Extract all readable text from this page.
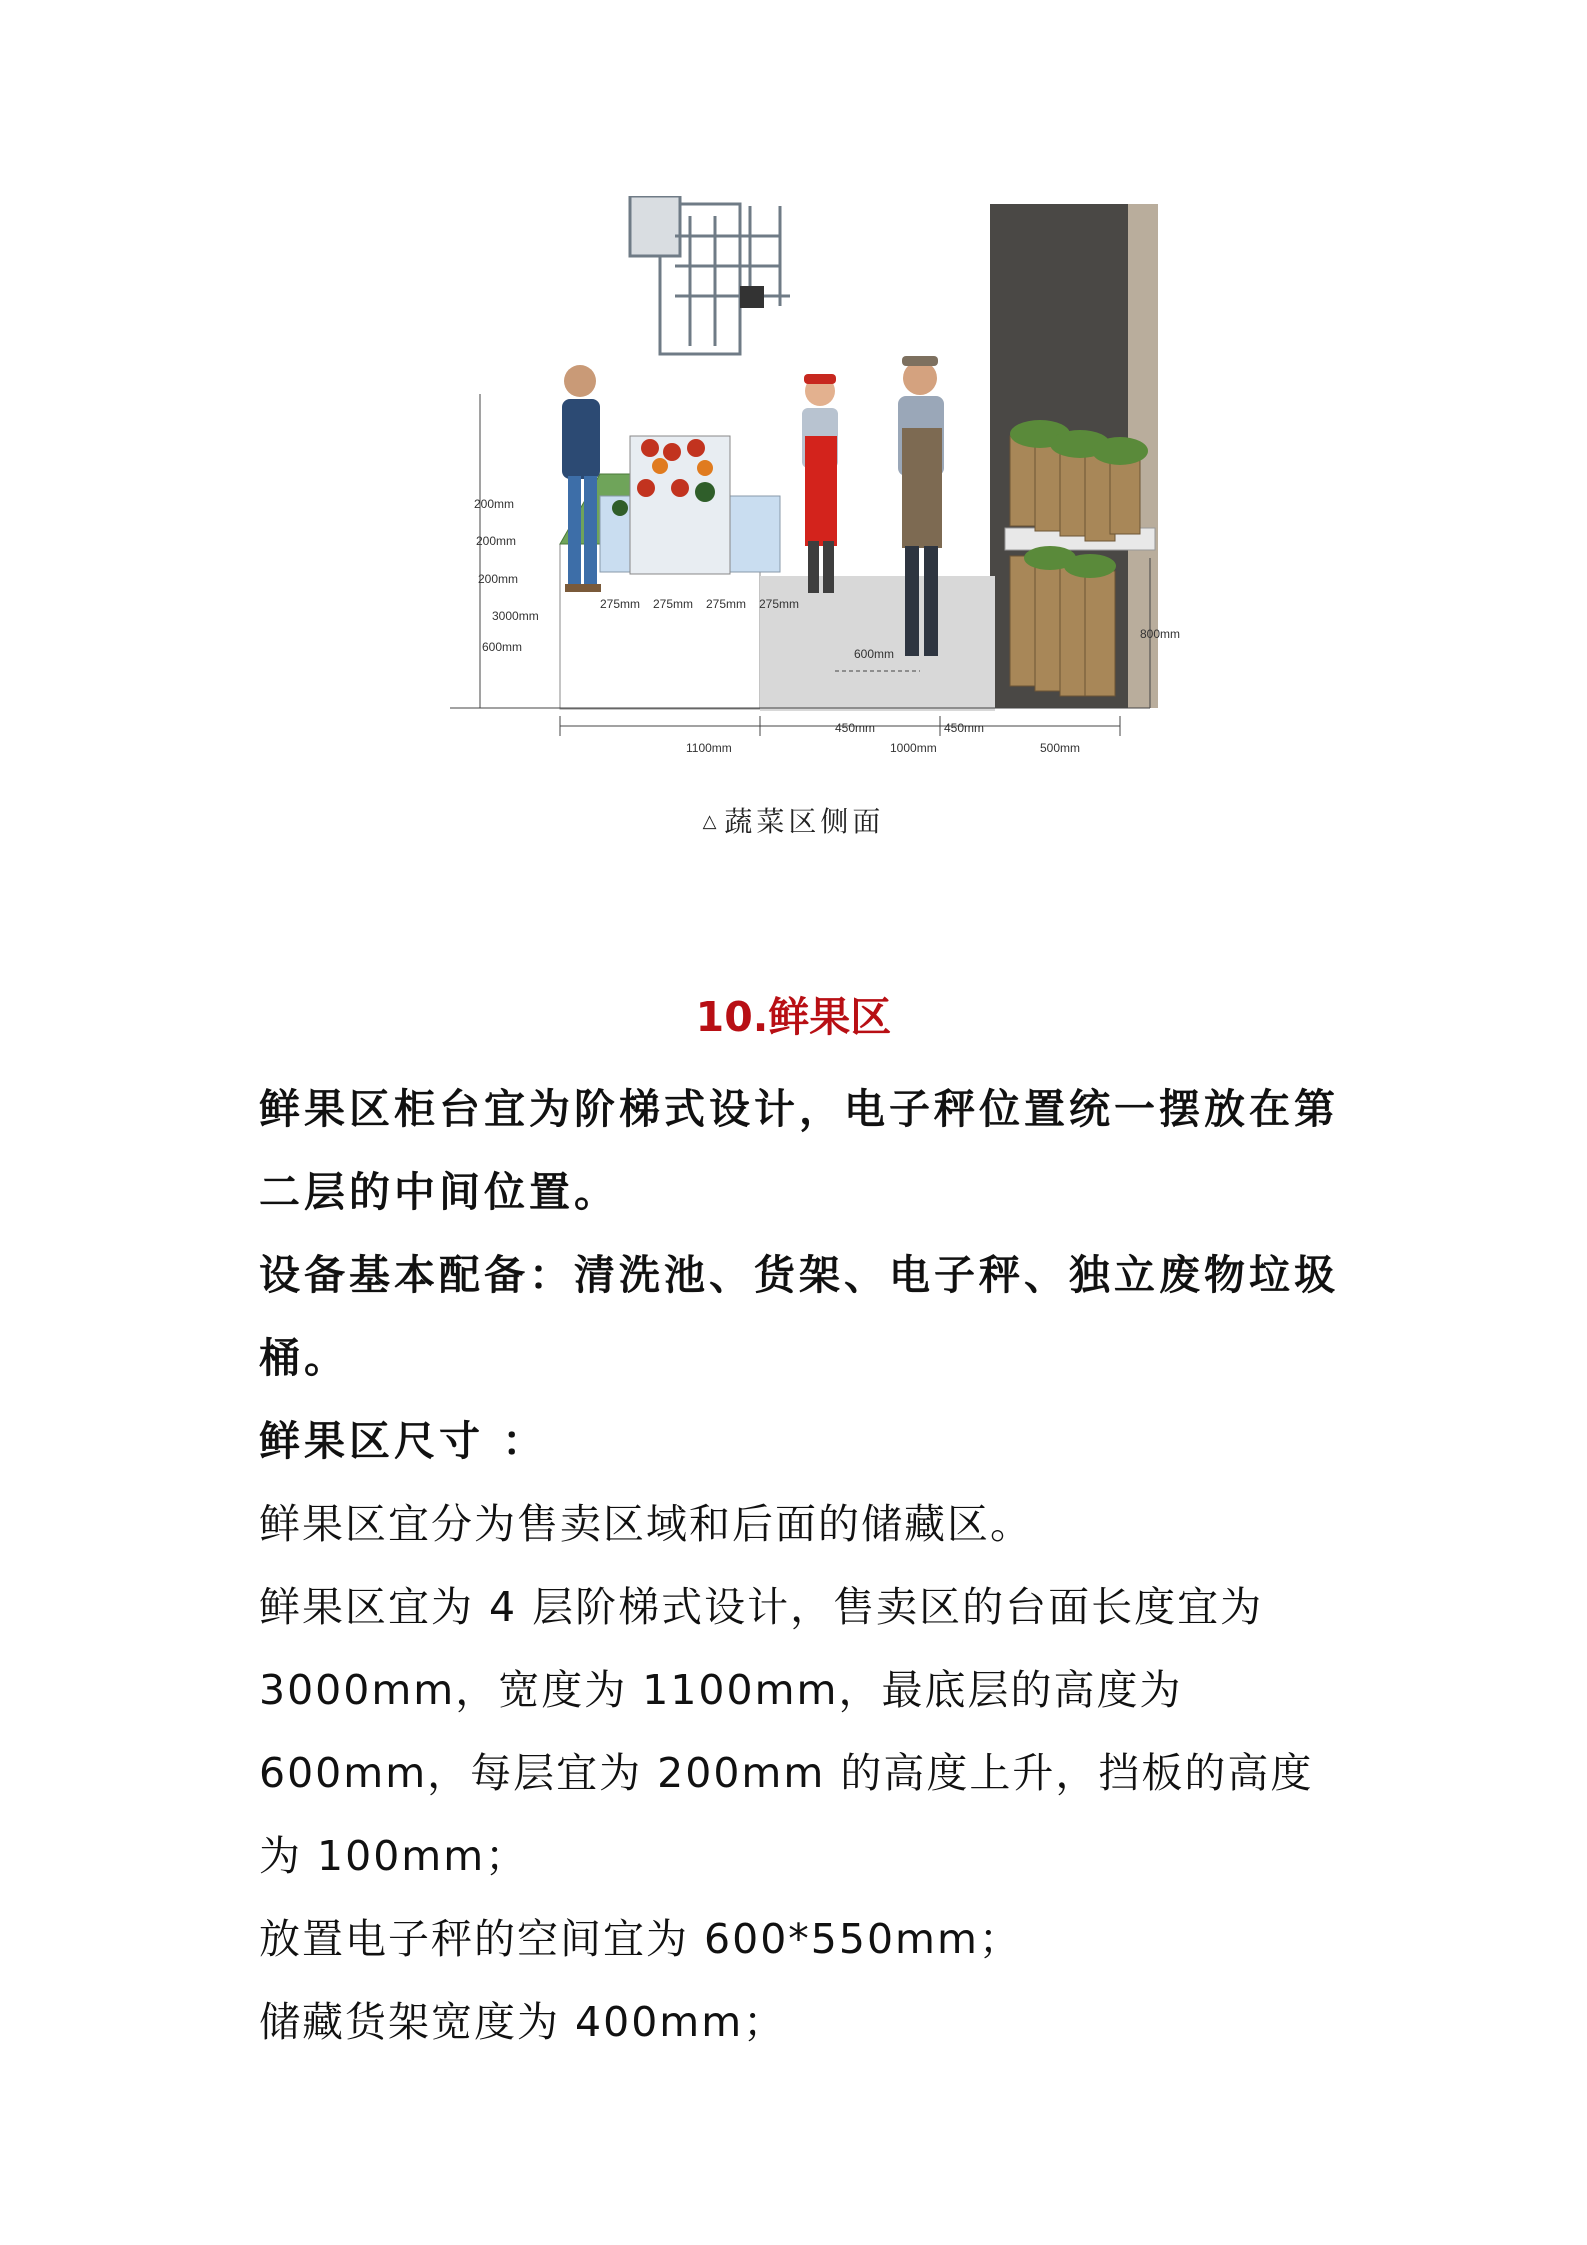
200mm
200mm
200mm
3000mm
600mm
275mm 275mm 275mm 275mm
600mm
800mm
1100mm
450mm
1000mm
450mm
500mm
△ 蔬菜区侧面
10.鲜果区

鲜果区柜台宜为阶梯式设计，电子秤位置统一摆放在第二层的中间位置。

设备基本配备：清洗池、货架、电子秤、独立废物垃圾桶。

鲜果区尺寸 ：

鲜果区宜分为售卖区域和后面的储藏区。

鲜果区宜为 4 层阶梯式设计，售卖区的台面长度宜为 3000mm，宽度为 1100mm，最底层的高度为 600mm，每层宜为 200mm 的高度上升，挡板的高度为 100mm；

放置电子秤的空间宜为 600*550mm；

储藏货架宽度为 400mm；
